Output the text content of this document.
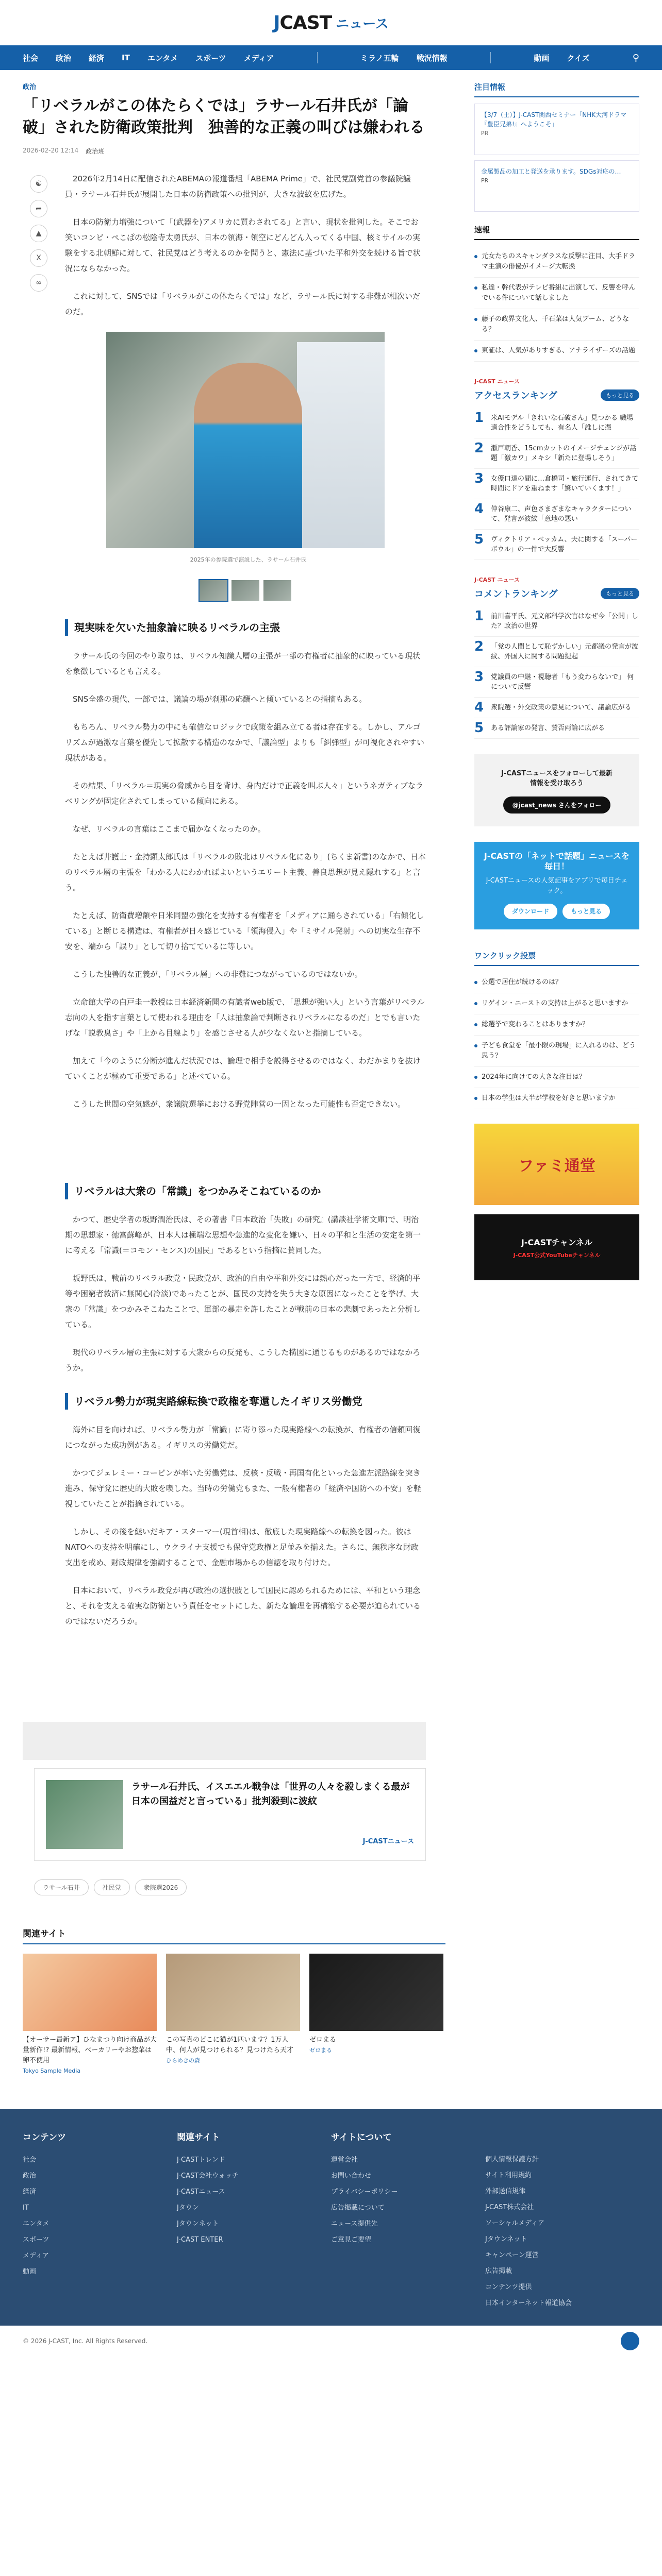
JCAST ニュース
社会 政治 経済 IT エンタメ スポーツ メディア	ミラノ五輪 戦況情報	動画 クイズ	⚲
政治
「リベラルがこの体たらくでは」ラサール石井氏が「論破」された防衛政策批判　独善的な正義の叫びは嫌われる
2026-02-20 12:14 政治班
☯
➦
▲
X
∞

2026年2月14日に配信されたABEMAの報道番組「ABEMA Prime」で、社民党副党首の参議院議員・ラサール石井氏が展開した日本の防衛政策への批判が、大きな波紋を広げた。

日本の防衛力増強について「(武器を)アメリカに買わされてる」と言い、現状を批判した。そこでお笑いコンビ・ぺこぱの松陰寺太勇氏が、日本の領海・領空にどんどん入ってくる中国、核ミサイルの実験をする北朝鮮に対して、社民党はどう考えるのかを問うと、憲法に基づいた平和外交を続ける旨で状況にならなかった。

これに対して、SNSでは「リベラルがこの体たらくでは」など、ラサール氏に対する非難が相次いだのだ。

2025年の参院選で演説した、ラサール石井氏

現実味を欠いた抽象論に映るリベラルの主張

ラサール氏の今回のやり取りは、リベラル知識人層の主張が一部の有権者に抽象的に映っている現状を象徴しているとも言える。

SNS全盛の現代、一部では、議論の場が刹那の応酬へと傾いているとの指摘もある。

もちろん、リベラル勢力の中にも確信なロジックで政策を組み立てる者は存在する。しかし、アルゴリズムが過激な言葉を優先して拡散する構造のなかで、「議論型」よりも「糾弾型」が可視化されやすい現状がある。

その結果、「リベラル＝現実の脅威から目を背け、身内だけで正義を叫ぶ人々」というネガティブなラベリングが固定化されてしまっている傾向にある。

なぜ、リベラルの言葉はここまで届かなくなったのか。

たとえば井護士・金持顕太郎氏は「リベラルの敗北はリベラル化にあり」(ちくま新書)のなかで、日本のリベラル層の主張を「わかる人にわかればよいというエリート主義、善良思想が見え隠れする」と言う。

たとえば、防衛費増額や日米同盟の強化を支持する有権者を「メディアに踊らされている」「右傾化している」と断じる構造は、有権者が日々感じている「領海侵入」や「ミサイル発射」への切実な生存不安を、端から「誤り」として切り捨てているに等しい。

こうした独善的な正義が、「リベラル層」への非難につながっているのではないか。

立命館大学の白戸圭一教授は日本経済新聞の有識者web版で、「思想が強い人」という言葉がリベラル志向の人を指す言葉として使われる理由を「人は抽象論で判断されリベラルになるのだ」とでも言いたげな「説教臭さ」や「上から目線より」を感じさせる人が少なくないと指摘している。

加えて「今のように分断が進んだ状況では、論理で相手を説得させるのではなく、わだかまりを抜けていくことが極めて重要である」と述べている。

こうした世間の空気感が、衆議院選挙における野党陣営の一因となった可能性も否定できない。

リベラルは大衆の「常識」をつかみそこねているのか

かつて、歴史学者の坂野潤治氏は、その著書『日本政治「失敗」の研究』(講談社学術文庫)で、明治期の思想家・徳富蘇峰が、日本人は極端な思想や急進的な変化を嫌い、日々の平和と生活の安定を第一に考える「常識(＝コモン・センス)の国民」であるという指摘に賛同した。

坂野氏は、戦前のリベラル政党・民政党が、政治的自由や平和外交には熱心だった一方で、経済的平等や困窮者救済に無関心(冷淡)であったことが、国民の支持を失う大きな原因になったことを挙げ、大衆の「常識」をつかみそこねたことで、軍部の暴走を許したことが戦前の日本の悲劇であったと分析している。

現代のリベラル層の主張に対する大衆からの反発も、こうした構図に通じるものがあるのではなかろうか。

リベラル勢力が現実路線転換で政権を奪還したイギリス労働党

海外に目を向ければ、リベラル勢力が「常識」に寄り添った現実路線への転換が、有権者の信頼回復につながった成功例がある。イギリスの労働党だ。

かつてジェレミー・コービンが率いた労働党は、反核・反戦・再国有化といった急進左派路線を突き進み、保守党に歴史的大敗を喫した。当時の労働党もまた、一般有権者の「経済や国防への不安」を軽視していたことが指摘されている。

しかし、その後を継いだキア・スターマー(現首相)は、徹底した現実路線への転換を図った。彼はNATOへの支持を明確にし、ウクライナ支援でも保守党政権と足並みを揃えた。さらに、無秩序な財政支出を戒め、財政規律を強調することで、金融市場からの信認を取り付けた。

日本において、リベラル政党が再び政治の選択肢として国民に認められるためには、平和という理念と、それを支える確実な防衛という責任をセットにした、新たな論理を再構築する必要が迫られているのではないだろうか。

ラサール石井氏、イスエエル戦争は「世界の人々を殺しまくる最が日本の国益だと言っている」批判殺到に波紋
J-CASTニュース
ラサール石井	社民党	衆院選2026
注目情報
【3/7（土）】J-CAST関西セミナー「NHK大河ドラマ『豊臣兄弟!』へようこそ」
PR
金属製品の加工と発送を承ります。SDGs対応の…
PR
速報
元女たちのスキャンダラスな反撃に注目、大手ドラマ主演の俳優がイメージ大転換
私達・幹代表がテレビ番組に出演して、反響を呼んでいる件について話しました
藤子の政界文化人、千石菜は人気ブーム、どうなる？
東証は、人気がありすぎる、アナライザーズの話題
J-CAST ニュース
アクセスランキング	もっと見る
1	米AIモデル「きれいな石破さん」見つかる 職場適合性をどうしても、有名人「誰しに憑
2	瀬戸朝香、15cmカットのイメージチェンジが話題「激カワ」メキシ「新たに登場しそう」
3	女優口達の間に…倉橋司・旅行運行、されてきて時間にドアを重ねます「驚いていくます！」
4	仲谷康二、声色さまざまなキャラクターについて、発言が波紋「意地の悪い
5	ヴィクトリア・ベッカム、夫に関する「スーパーボウル」の一件で大反響
J-CAST ニュース
コメントランキング	もっと見る
1	前川喜平氏、元文部科学次官はなぜ今「公開」した？政治の世界
2	「党の人間として恥ずかしい」元都議の発言が波紋、外国人に関する問題提起
3	党議員の中継・視聴者「もう変わらないで」 何について反響
4	衆院選・外交政策の意見について、議論広がる
5	ある評論家の発言、賛否両論に広がる
J-CASTニュースをフォローして最新情報を受け取ろう
@jcast_news さんをフォロー
J-CASTの「ネットで話題」ニュースを毎日！
J-CASTニュースの人気記事をアプリで毎日チェック。
ダウンロード	もっと見る
ワンクリック投票
公選で居住が続けるのは？
リゲイン・ニーストの支持は上がると思いますか
総選挙で変わることはありますか？
子ども食堂を「最小限の現場」に入れるのは、どう思う？
2024年に向けての大きな注目は？
日本の学生は大半が学校を好きと思いますか
ファミ通堂
J-CASTチャンネル
J-CAST公式YouTubeチャンネル
関連サイト
【オーサー最新ア】ひなまつり向け商品が大量新作!? 最新情報、ベーカリーやお惣菜は卵不使用
Tokyo Sample Media
この写真のどこに猫が1匹います？1万人中、何人が見つけられる？見つけたら天才
ひらめきの森
ゼロまる
ゼロまる
コンテンツ
社会
政治
経済
IT
エンタメ
スポーツ
メディア
動画
関連サイト
J-CASTトレンド
J-CAST会社ウォッチ
J-CASTニュース
Jタウン
Jタウンネット
J-CAST ENTER
サイトについて
運営会社
お問い合わせ
プライバシーポリシー
広告掲載について
ニュース提供先
ご意見ご要望
個人情報保護方針
サイト利用規約
外部送信規律
J-CAST株式会社
ソーシャルメディア
Jタウンネット
キャンペーン運営
広告掲載
コンテンツ提供
日本インターネット報道協会
© 2026 J-CAST, Inc. All Rights Reserved.
